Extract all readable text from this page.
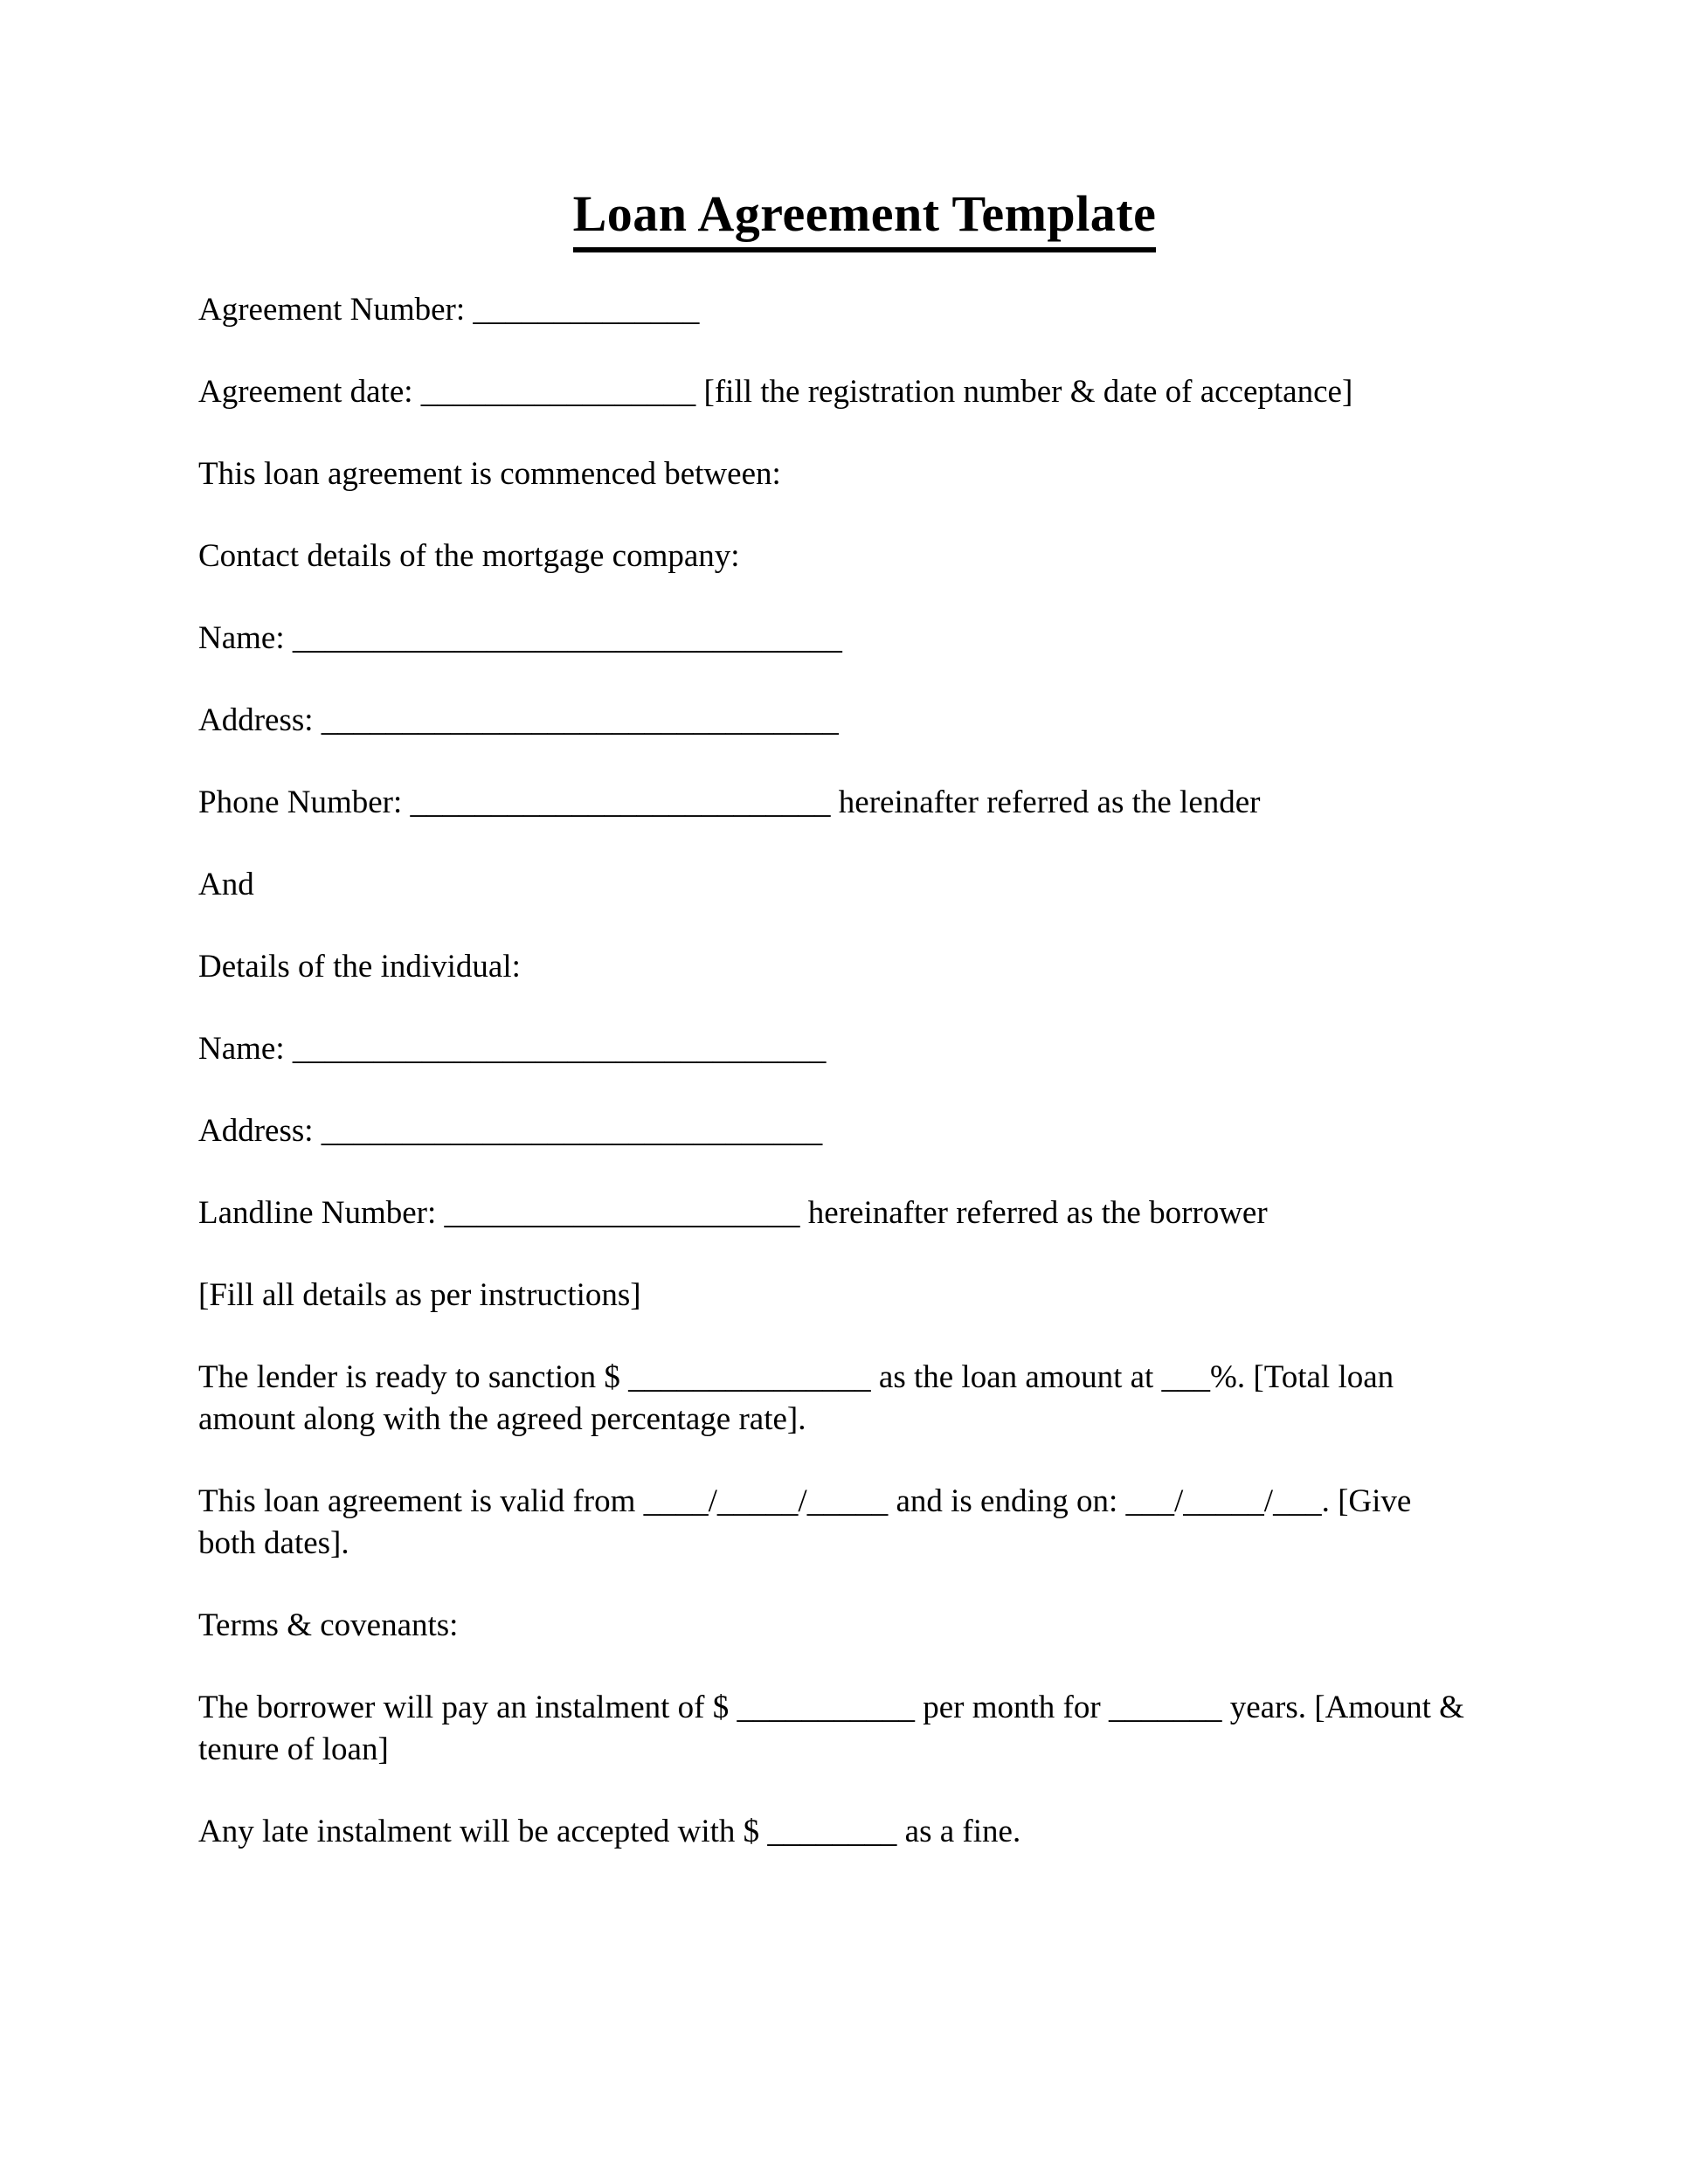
Loan Agreement Template

Agreement Number: ______________

Agreement date: _________________ [fill the registration number & date of acceptance]

This loan agreement is commenced between:

Contact details of the mortgage company:

Name: __________________________________

Address: ________________________________

Phone Number: __________________________ hereinafter referred as the lender

And

Details of the individual:

Name: _________________________________

Address: _______________________________

Landline Number: ______________________ hereinafter referred as the borrower

[Fill all details as per instructions]

The lender is ready to sanction $ _______________ as the loan amount at ___%. [Total loan
amount along with the agreed percentage rate].

This loan agreement is valid from ____/_____/_____ and is ending on: ___/_____/___. [Give
both dates].

Terms & covenants:

The borrower will pay an instalment of $ ___________ per month for _______ years. [Amount &
tenure of loan]

Any late instalment will be accepted with $ ________ as a fine.
